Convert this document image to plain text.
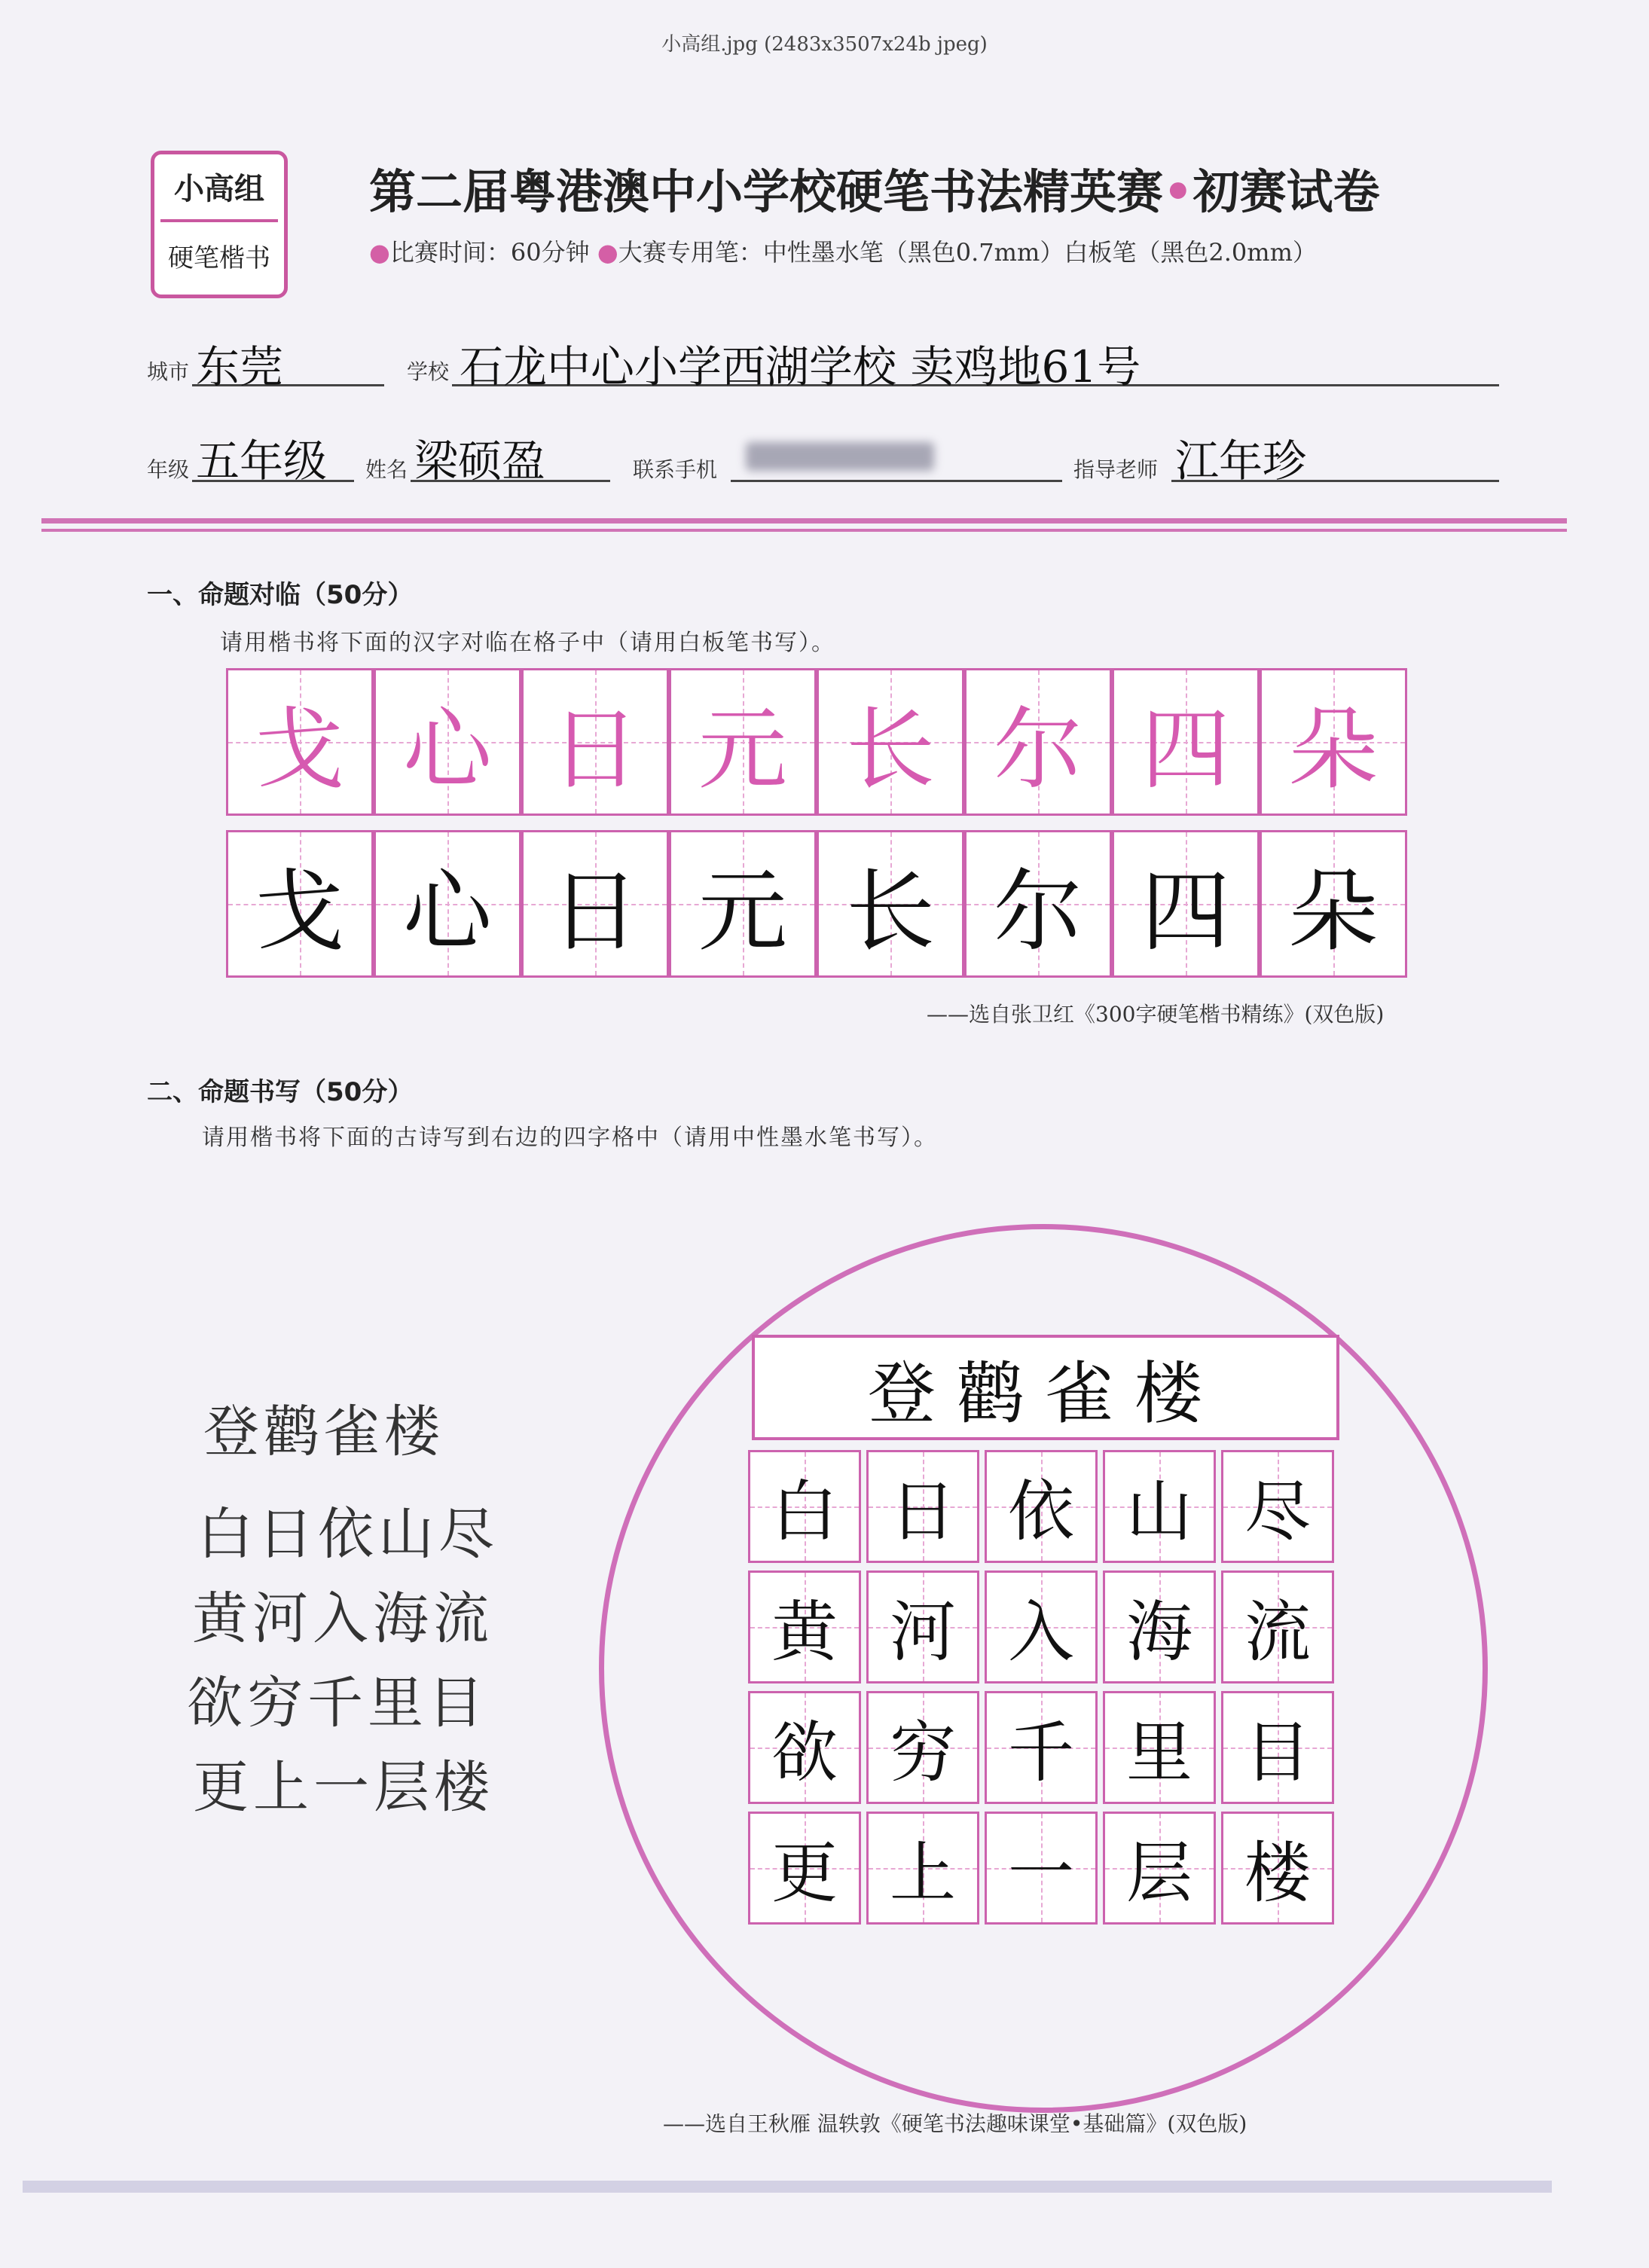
小高组.jpg (2483x3507x24b jpeg)
小高组
硬笔楷书
第二届粤港澳中小学校硬笔书法精英赛•初赛试卷
●比赛时间：60分钟 ●大赛专用笔：中性墨水笔（黑色0.7mm）白板笔（黑色2.0mm）
城市 东莞	学校 石龙中心小学西湖学校 卖鸡地61号
年级 五年级 姓名 梁硕盈	联系手机	指导老师 江年珍
一、命题对临（50分）
请用楷书将下面的汉字对临在格子中（请用白板笔书写）。
戈 心 日 元 长 尔 四 朵
戈 心 日 元 长 尔 四 朵
——选自张卫红《300字硬笔楷书精练》(双色版)
二、命题书写（50分）
请用楷书将下面的古诗写到右边的四字格中（请用中性墨水笔书写）。
登鹳雀楼
白日依山尽
黄河入海流
欲穷千里目
更上一层楼
登鹳雀楼
白 日 依 山 尽
黄 河 入 海 流
欲 穷 千 里 目
更 上 一 层 楼
——选自王秋雁 温轶敦《硬笔书法趣味课堂•基础篇》(双色版)
